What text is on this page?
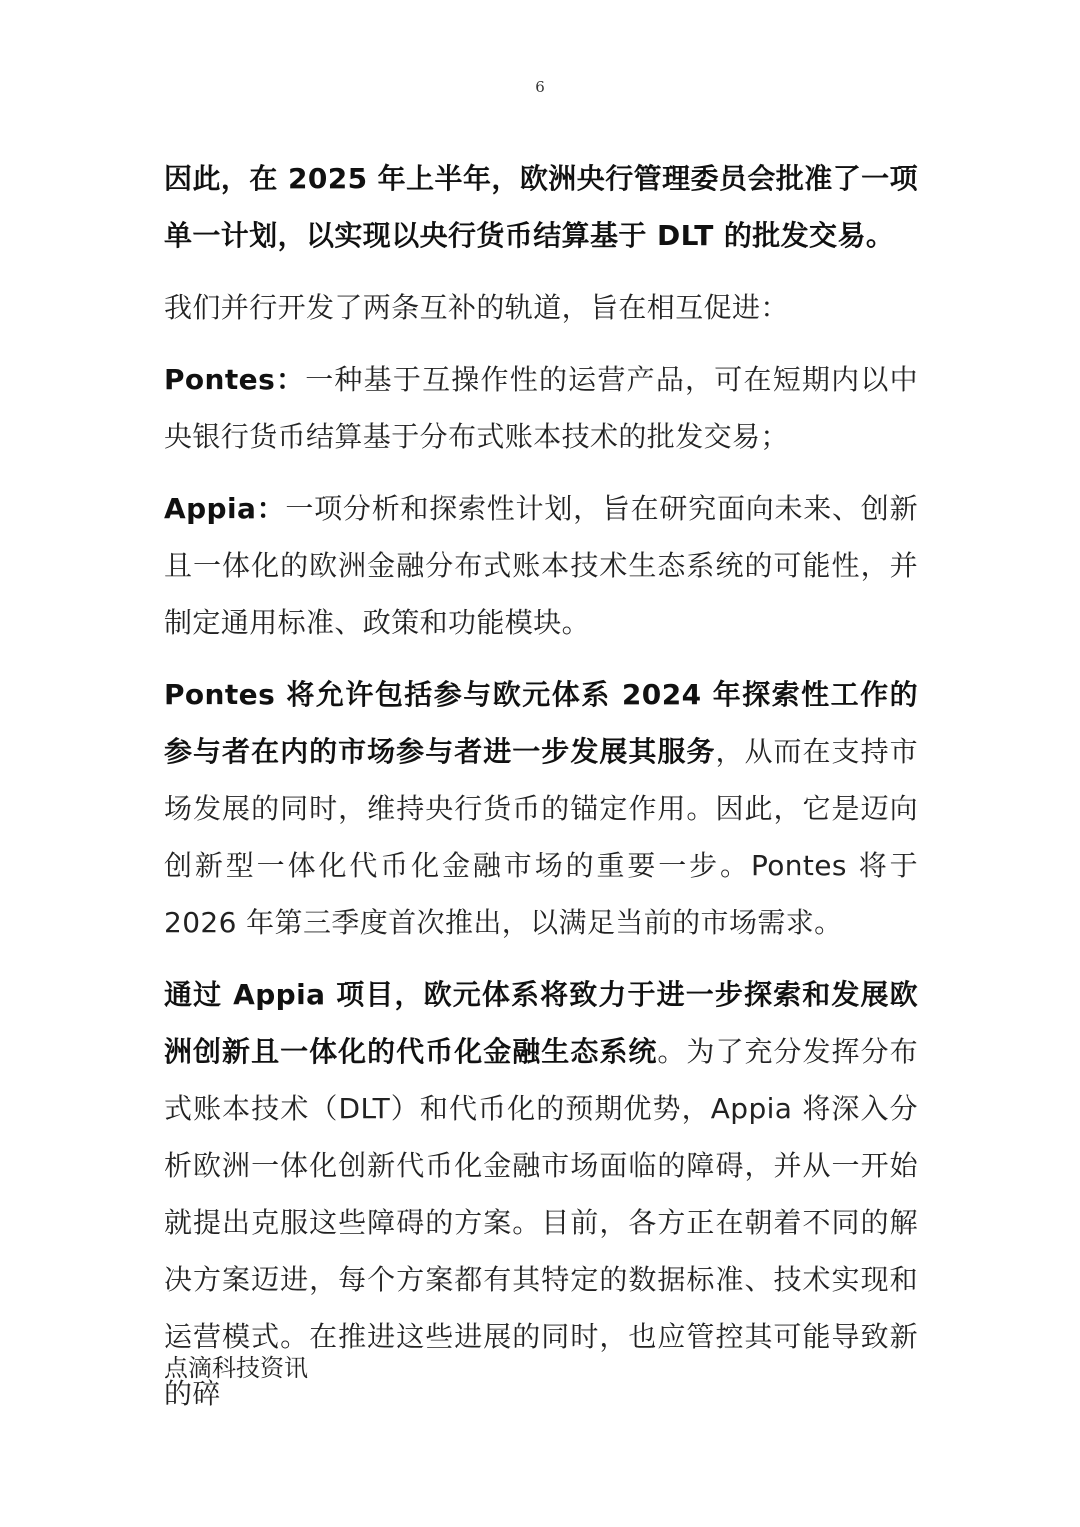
6

因此，在 2025 年上半年，欧洲央行管理委员会批准了一项单一计划，以实现以央行货币结算基于 DLT 的批发交易。

我们并行开发了两条互补的轨道，旨在相互促进：

Pontes：一种基于互操作性的运营产品，可在短期内以中央银行货币结算基于分布式账本技术的批发交易；

Appia：一项分析和探索性计划，旨在研究面向未来、创新且一体化的欧洲金融分布式账本技术生态系统的可能性，并制定通用标准、政策和功能模块。

Pontes 将允许包括参与欧元体系 2024 年探索性工作的参与者在内的市场参与者进一步发展其服务，从而在支持市场发展的同时，维持央行货币的锚定作用。因此，它是迈向创新型一体化代币化金融市场的重要一步。Pontes 将于 2026 年第三季度首次推出，以满足当前的市场需求。

通过 Appia 项目，欧元体系将致力于进一步探索和发展欧洲创新且一体化的代币化金融生态系统。为了充分发挥分布式账本技术（DLT）和代币化的预期优势，Appia 将深入分析欧洲一体化创新代币化金融市场面临的障碍，并从一开始就提出克服这些障碍的方案。目前，各方正在朝着不同的解决方案迈进，每个方案都有其特定的数据标准、技术实现和运营模式。在推进这些进展的同时，也应管控其可能导致新的碎

点滴科技资讯
